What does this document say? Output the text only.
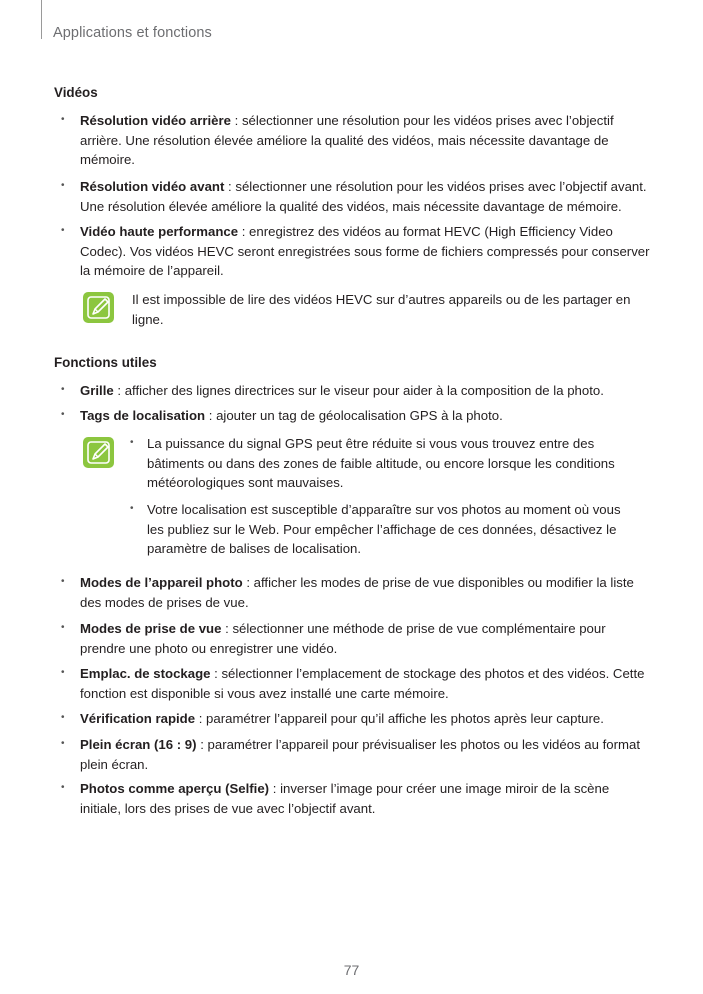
Applications et fonctions
Vidéos
• Résolution vidéo arrière : sélectionner une résolution pour les vidéos prises avec l’objectif arrière. Une résolution élevée améliore la qualité des vidéos, mais nécessite davantage de mémoire.
• Résolution vidéo avant : sélectionner une résolution pour les vidéos prises avec l’objectif avant. Une résolution élevée améliore la qualité des vidéos, mais nécessite davantage de mémoire.
• Vidéo haute performance : enregistrez des vidéos au format HEVC (High Efficiency Video Codec). Vos vidéos HEVC seront enregistrées sous forme de fichiers compressés pour conserver la mémoire de l’appareil.
Il est impossible de lire des vidéos HEVC sur d’autres appareils ou de les partager en ligne.
Fonctions utiles
• Grille : afficher des lignes directrices sur le viseur pour aider à la composition de la photo.
• Tags de localisation : ajouter un tag de géolocalisation GPS à la photo.
• La puissance du signal GPS peut être réduite si vous vous trouvez entre des bâtiments ou dans des zones de faible altitude, ou encore lorsque les conditions météorologiques sont mauvaises.
• Votre localisation est susceptible d’apparaître sur vos photos au moment où vous les publiez sur le Web. Pour empêcher l’affichage de ces données, désactivez le paramètre de balises de localisation.
• Modes de l’appareil photo : afficher les modes de prise de vue disponibles ou modifier la liste des modes de prises de vue.
• Modes de prise de vue : sélectionner une méthode de prise de vue complémentaire pour prendre une photo ou enregistrer une vidéo.
• Emplac. de stockage : sélectionner l’emplacement de stockage des photos et des vidéos. Cette fonction est disponible si vous avez installé une carte mémoire.
• Vérification rapide : paramétrer l’appareil pour qu’il affiche les photos après leur capture.
• Plein écran (16 : 9) : paramétrer l’appareil pour prévisualiser les photos ou les vidéos au format plein écran.
• Photos comme aperçu (Selfie) : inverser l’image pour créer une image miroir de la scène initiale, lors des prises de vue avec l’objectif avant.
77
